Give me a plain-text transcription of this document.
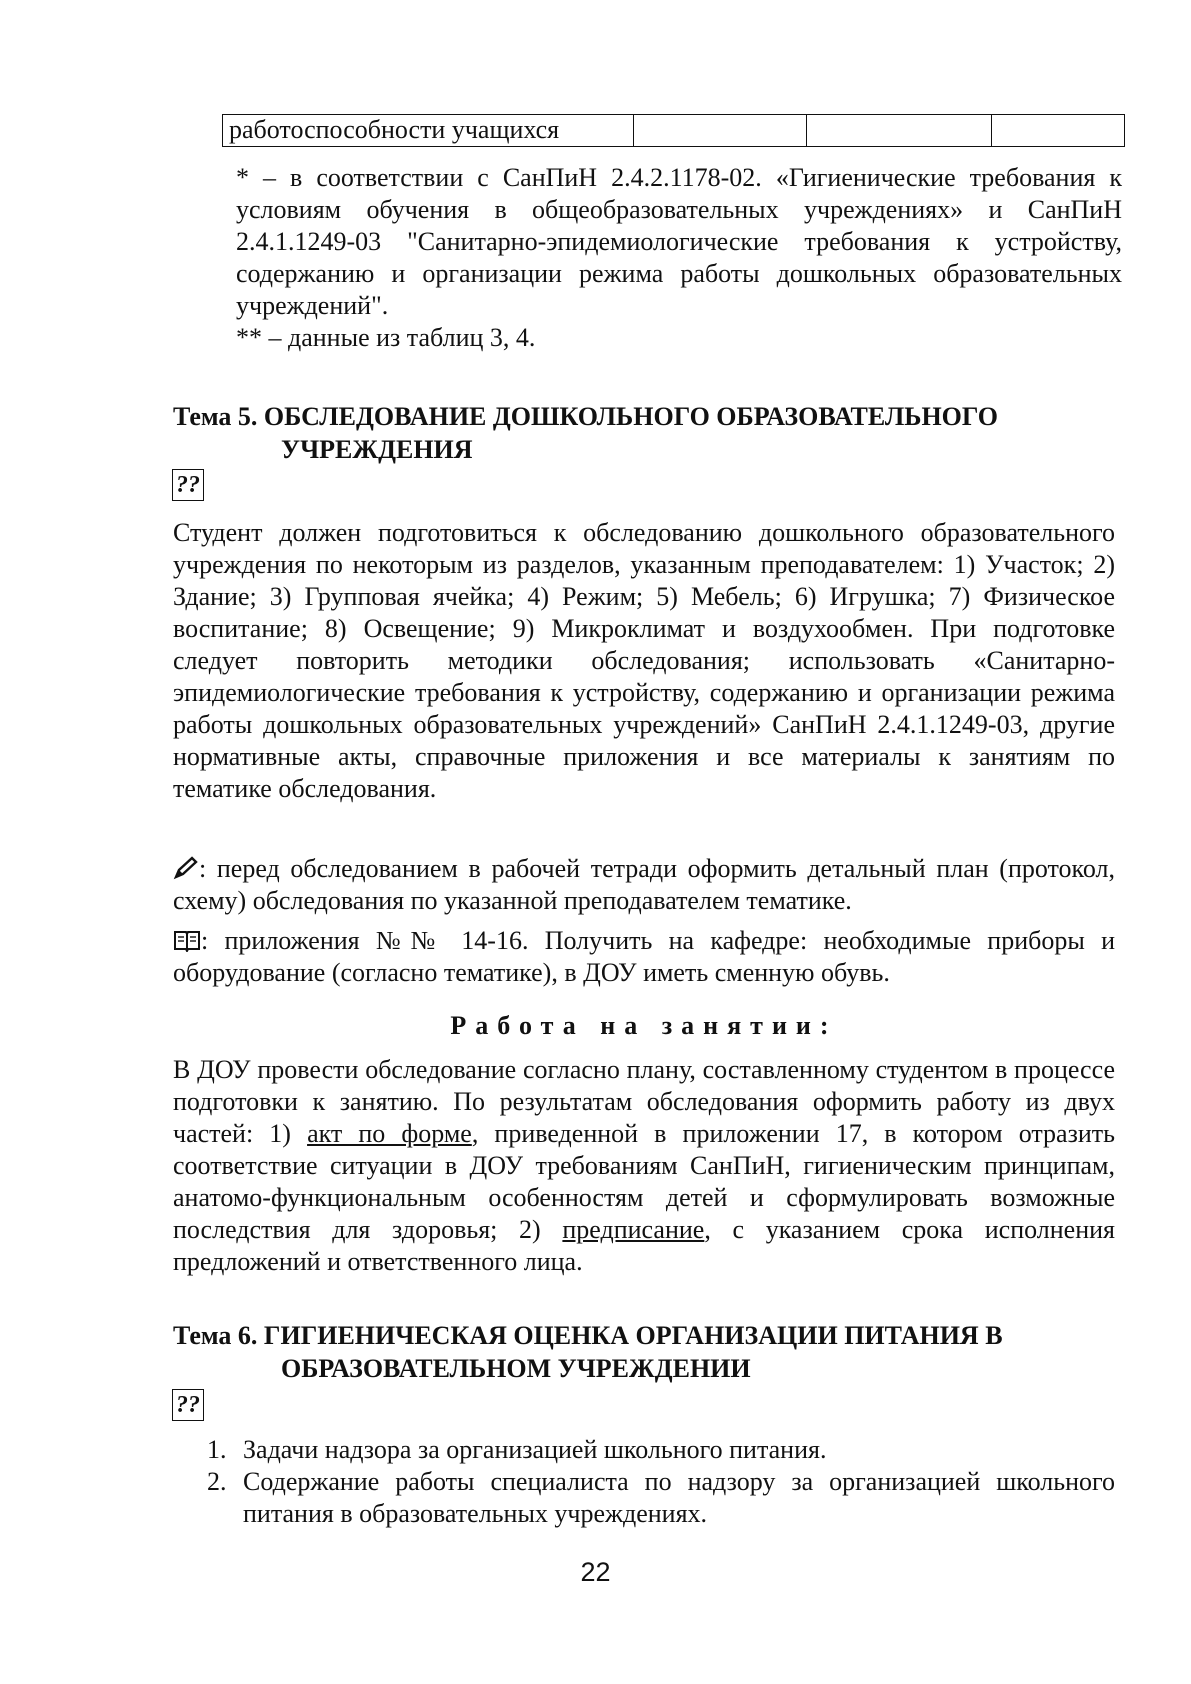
работоспособности учащихся			

* – в соответствии с СанПиН 2.4.2.1178-02. «Гигиенические требования к условиям обучения в общеобразовательных учреждениях» и СанПиН 2.4.1.1249-03 "Санитарно-эпидемиологические требования к устройству, содержанию и организации режима работы дошкольных образовательных учреждений".

** – данные из таблиц 3, 4.

Тема 5. ОБСЛЕДОВАНИЕ ДОШКОЛЬНОГО ОБРАЗОВАТЕЛЬНОГО
УЧРЕЖДЕНИЯ
??

Студент должен подготовиться к обследованию дошкольного образовательного учреждения по некоторым из разделов, указанным преподавателем: 1) Участок; 2) Здание; 3) Групповая ячейка; 4) Режим; 5) Мебель; 6) Игрушка; 7) Физическое воспитание; 8) Освещение; 9) Микроклимат и воздухообмен. При подготовке следует повторить методики обследования; использовать «Санитарно-эпидемиологические требования к устройству, содержанию и организации режима работы дошкольных образовательных учреждений» СанПиН 2.4.1.1249-03, другие нормативные акты, справочные приложения и все материалы к занятиям по тематике обследования.

: перед обследованием в рабочей тетради оформить детальный план (протокол, схему) обследования по указанной преподавателем тематике.

: приложения №№ 14-16. Получить на кафедре: необходимые приборы и оборудование (согласно тематике), в ДОУ иметь сменную обувь.

Работа на занятии:

В ДОУ провести обследование согласно плану, составленному студентом в процессе подготовки к занятию. По результатам обследования оформить работу из двух частей: 1) акт по форме, приведенной в приложении 17, в котором отразить соответствие ситуации в ДОУ требованиям СанПиН, гигиеническим принципам, анатомо-функциональным особенностям детей и сформулировать возможные последствия для здоровья; 2) предписание, с указанием срока исполнения предложений и ответственного лица.

Тема 6. ГИГИЕНИЧЕСКАЯ ОЦЕНКА ОРГАНИЗАЦИИ ПИТАНИЯ В
ОБРАЗОВАТЕЛЬНОМ УЧРЕЖДЕНИИ
??
1. Задачи надзора за организацией школьного питания.
2. Содержание работы специалиста по надзору за организацией школьного питания в образовательных учреждениях.
22
